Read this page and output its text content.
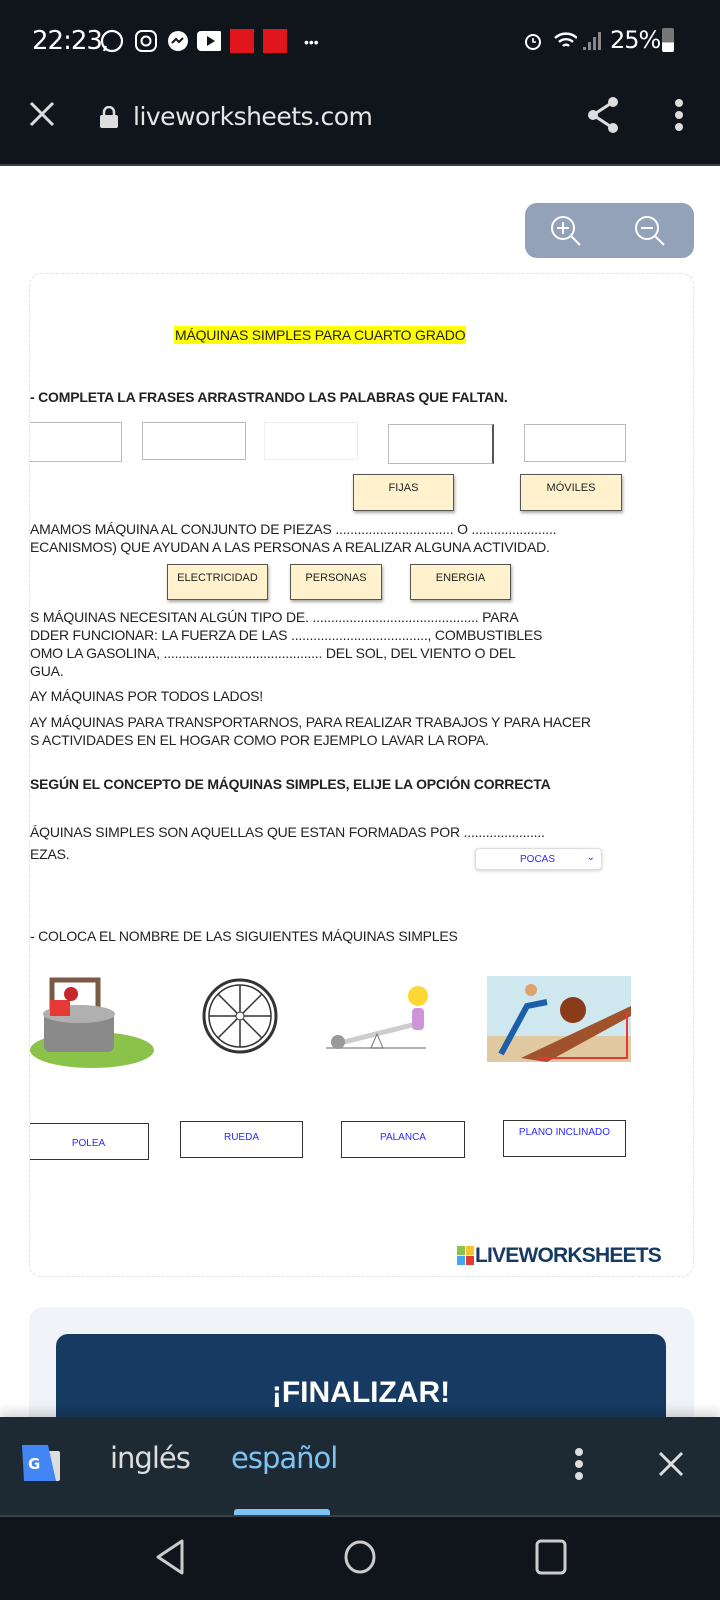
22:23	•••	25%
liveworksheets.com
MÁQUINAS SIMPLES PARA CUARTO GRADO
- COMPLETA LA FRASES ARRASTRANDO LAS PALABRAS QUE FALTAN.
FIJAS	MÓVILES
AMAMOS MÁQUINA AL CONJUNTO DE PIEZAS ................................ O .......................
ECANISMOS) QUE AYUDAN A LAS PERSONAS A REALIZAR ALGUNA ACTIVIDAD.
ELECTRICIDAD	PERSONAS	ENERGIA
S MÁQUINAS NECESITAN ALGÚN TIPO DE. ............................................. PARA
DDER FUNCIONAR: LA FUERZA DE LAS ....................................., COMBUSTIBLES
OMO LA GASOLINA, ........................................... DEL SOL, DEL VIENTO O DEL
GUA.
AY MÁQUINAS POR TODOS LADOS!
AY MÁQUINAS PARA TRANSPORTARNOS, PARA REALIZAR TRABAJOS Y PARA HACER
S ACTIVIDADES EN EL HOGAR COMO POR EJEMPLO LAVAR LA ROPA.
SEGÚN EL CONCEPTO DE MÁQUINAS SIMPLES, ELIJE LA OPCIÓN CORRECTA
ÁQUINAS SIMPLES SON AQUELLAS QUE ESTAN FORMADAS POR ......................
EZAS.	POCAS	⌄
- COLOCA EL NOMBRE DE LAS SIGUIENTES MÁQUINAS SIMPLES
POLEA
RUEDA	PALANCA	PLANO INCLINADO
LIVEWORKSHEETS
¡FINALIZAR!
G inglés español
